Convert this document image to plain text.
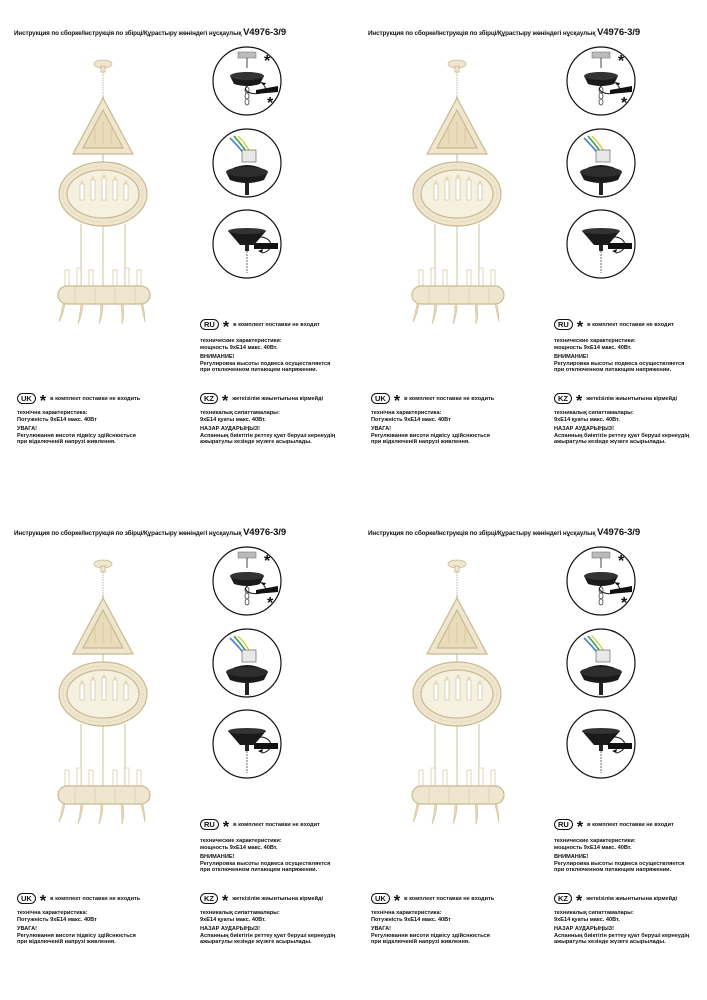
Инструкция по сборке/Інструкція по збірці/Құрастыру жөніндегі нұсқаулық V4976-3/9
RU * в комплект поставки не входит
технические характеристики:
мощность 9xE14 макс. 40Вт.
ВНИМАНИЕ!
Регулировка высоты подвеса осуществляется
при отключенном питающем напряжении.
UK * в комплект поставки не входить
технічна характеристика:
Потужність 9xE14 макс. 40Вт
УВАГА!
Регулювання висоти підвісу здійснюється
при відключеній напрузі живлення.
KZ * жеткізілім жиынтығына кірмейді
техникалық сипаттамалары:
9xE14 қуаты макс. 40Вт.
НАЗАР АУДАРЫҢЫЗ!
Аспанның биіктігін реттеу қуат беруші кернеудің
ажыратулы кезінде жүзеге асырылады.
Инструкция по сборке/Інструкція по збірці/Құрастыру жөніндегі нұсқаулық V4976-3/9
RU * в комплект поставки не входит
технические характеристики:
мощность 9xE14 макс. 40Вт.
ВНИМАНИЕ!
Регулировка высоты подвеса осуществляется
при отключенном питающем напряжении.
UK * в комплект поставки не входить
технічна характеристика:
Потужність 9xE14 макс. 40Вт
УВАГА!
Регулювання висоти підвісу здійснюється
при відключеній напрузі живлення.
KZ * жеткізілім жиынтығына кірмейді
техникалық сипаттамалары:
9xE14 қуаты макс. 40Вт.
НАЗАР АУДАРЫҢЫЗ!
Аспанның биіктігін реттеу қуат беруші кернеудің
ажыратулы кезінде жүзеге асырылады.
Инструкция по сборке/Інструкція по збірці/Құрастыру жөніндегі нұсқаулық V4976-3/9
RU * в комплект поставки не входит
технические характеристики:
мощность 9xE14 макс. 40Вт.
ВНИМАНИЕ!
Регулировка высоты подвеса осуществляется
при отключенном питающем напряжении.
UK * в комплект поставки не входить
технічна характеристика:
Потужність 9xE14 макс. 40Вт
УВАГА!
Регулювання висоти підвісу здійснюється
при відключеній напрузі живлення.
KZ * жеткізілім жиынтығына кірмейді
техникалық сипаттамалары:
9xE14 қуаты макс. 40Вт.
НАЗАР АУДАРЫҢЫЗ!
Аспанның биіктігін реттеу қуат беруші кернеудің
ажыратулы кезінде жүзеге асырылады.
Инструкция по сборке/Інструкція по збірці/Құрастыру жөніндегі нұсқаулық V4976-3/9
RU * в комплект поставки не входит
технические характеристики:
мощность 9xE14 макс. 40Вт.
ВНИМАНИЕ!
Регулировка высоты подвеса осуществляется
при отключенном питающем напряжении.
UK * в комплект поставки не входить
технічна характеристика:
Потужність 9xE14 макс. 40Вт
УВАГА!
Регулювання висоти підвісу здійснюється
при відключеній напрузі живлення.
KZ * жеткізілім жиынтығына кірмейді
техникалық сипаттамалары:
9xE14 қуаты макс. 40Вт.
НАЗАР АУДАРЫҢЫЗ!
Аспанның биіктігін реттеу қуат беруші кернеудің
ажыратулы кезінде жүзеге асырылады.
